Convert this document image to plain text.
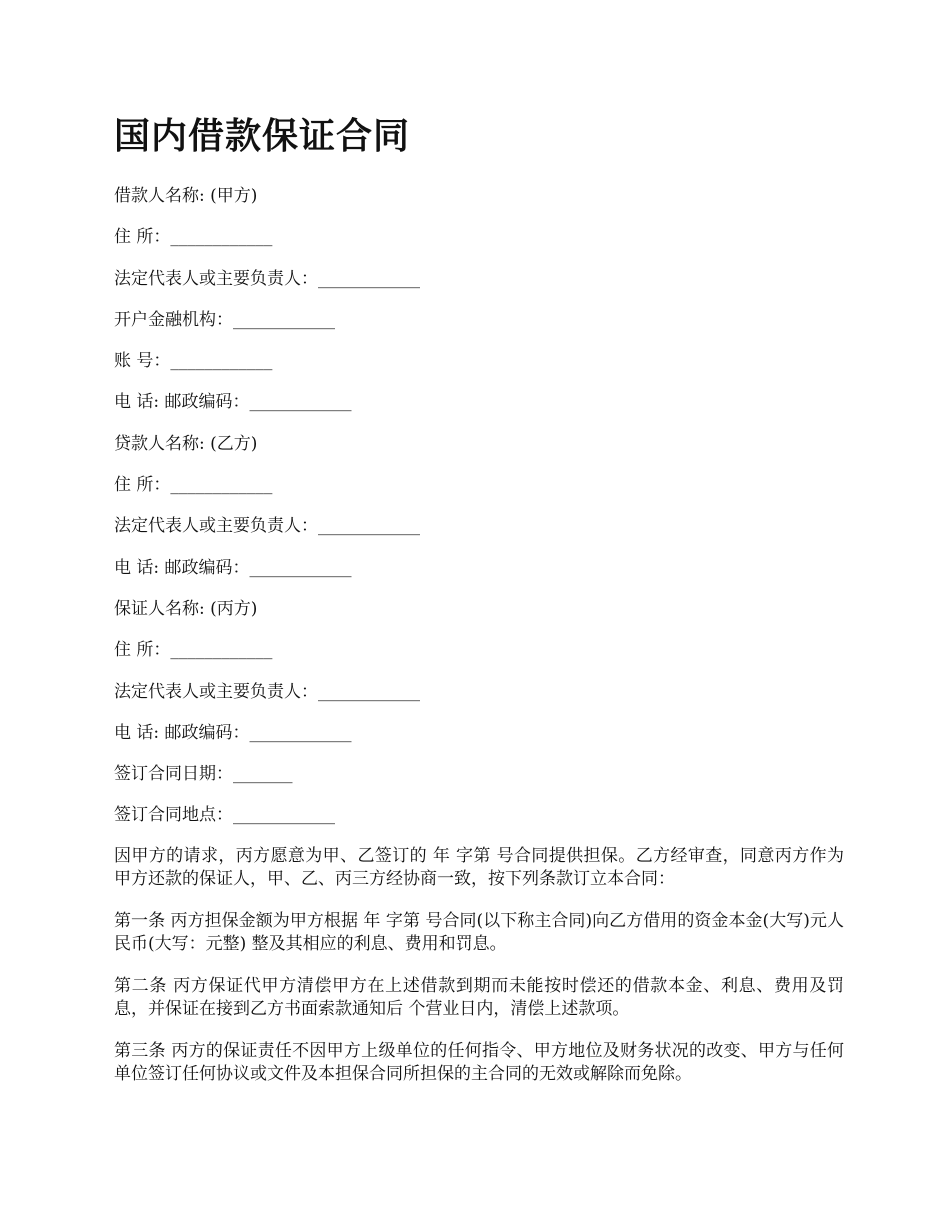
国内借款保证合同
借款人名称: (甲方)
住 所：____________
法定代表人或主要负责人：____________
开户金融机构：____________
账 号：____________
电 话: 邮政编码：____________
贷款人名称: (乙方)
住 所：____________
法定代表人或主要负责人：____________
电 话: 邮政编码：____________
保证人名称: (丙方)
住 所：____________
法定代表人或主要负责人：____________
电 话: 邮政编码：____________
签订合同日期：_______
签订合同地点：____________

因甲方的请求，丙方愿意为甲、乙签订的 年 字第 号合同提供担保。乙方经审查，同意丙方作为甲方还款的保证人，甲、乙、丙三方经协商一致，按下列条款订立本合同：

第一条 丙方担保金额为甲方根据 年 字第 号合同(以下称主合同)向乙方借用的资金本金(大写)元人民币(大写：元整) 整及其相应的利息、费用和罚息。

第二条 丙方保证代甲方清偿甲方在上述借款到期而未能按时偿还的借款本金、利息、费用及罚息，并保证在接到乙方书面索款通知后 个营业日内，清偿上述款项。

第三条 丙方的保证责任不因甲方上级单位的任何指令、甲方地位及财务状况的改变、甲方与任何单位签订任何协议或文件及本担保合同所担保的主合同的无效或解除而免除。
